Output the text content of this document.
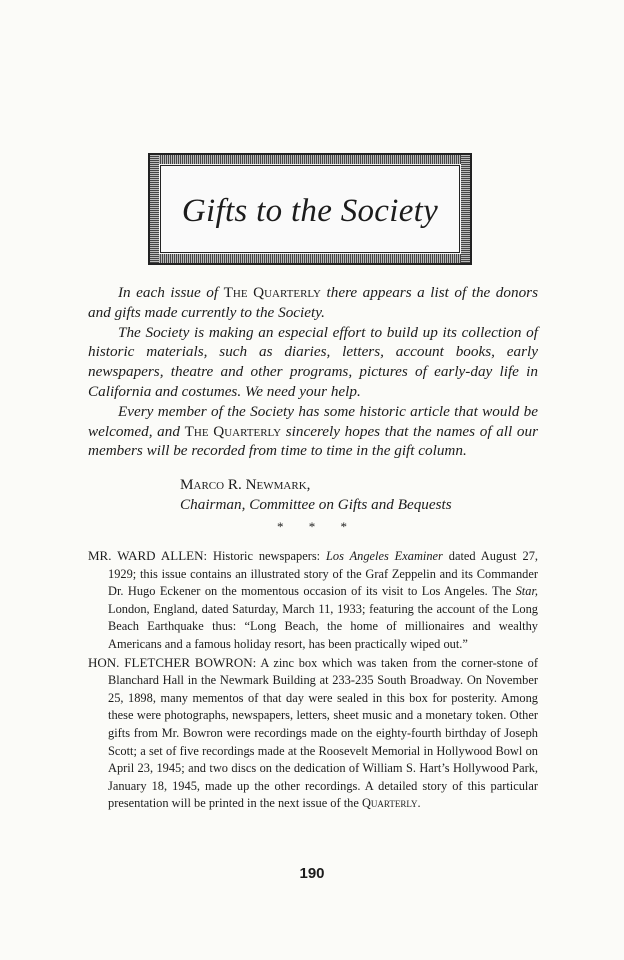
Gifts to the Society

In each issue of The Quarterly there appears a list of the donors and gifts made currently to the Society.

The Society is making an especial effort to build up its collection of historic materials, such as diaries, letters, account books, early newspapers, theatre and other programs, pictures of early-day life in California and costumes. We need your help.

Every member of the Society has some historic article that would be welcomed, and The Quarterly sincerely hopes that the names of all our members will be recorded from time to time in the gift column.

Marco R. Newmark,
Chairman, Committee on Gifts and Bequests
* * *

MR. WARD ALLEN: Historic newspapers: Los Angeles Examiner dated August 27, 1929; this issue contains an illustrated story of the Graf Zeppelin and its Commander Dr. Hugo Eckener on the momentous occasion of its visit to Los Angeles. The Star, London, England, dated Saturday, March 11, 1933; featuring the account of the Long Beach Earthquake thus: “Long Beach, the home of millionaires and wealthy Americans and a famous holiday resort, has been practically wiped out.”

HON. FLETCHER BOWRON: A zinc box which was taken from the corner-stone of Blanchard Hall in the Newmark Building at 233-235 South Broadway. On November 25, 1898, many mementos of that day were sealed in this box for posterity. Among these were photographs, newspapers, letters, sheet music and a monetary token. Other gifts from Mr. Bowron were recordings made on the eighty-fourth birthday of Joseph Scott; a set of five recordings made at the Roosevelt Memorial in Hollywood Bowl on April 23, 1945; and two discs on the dedication of William S. Hart’s Hollywood Park, January 18, 1945, made up the other recordings. A detailed story of this particular presentation will be printed in the next issue of the Quarterly.

190
